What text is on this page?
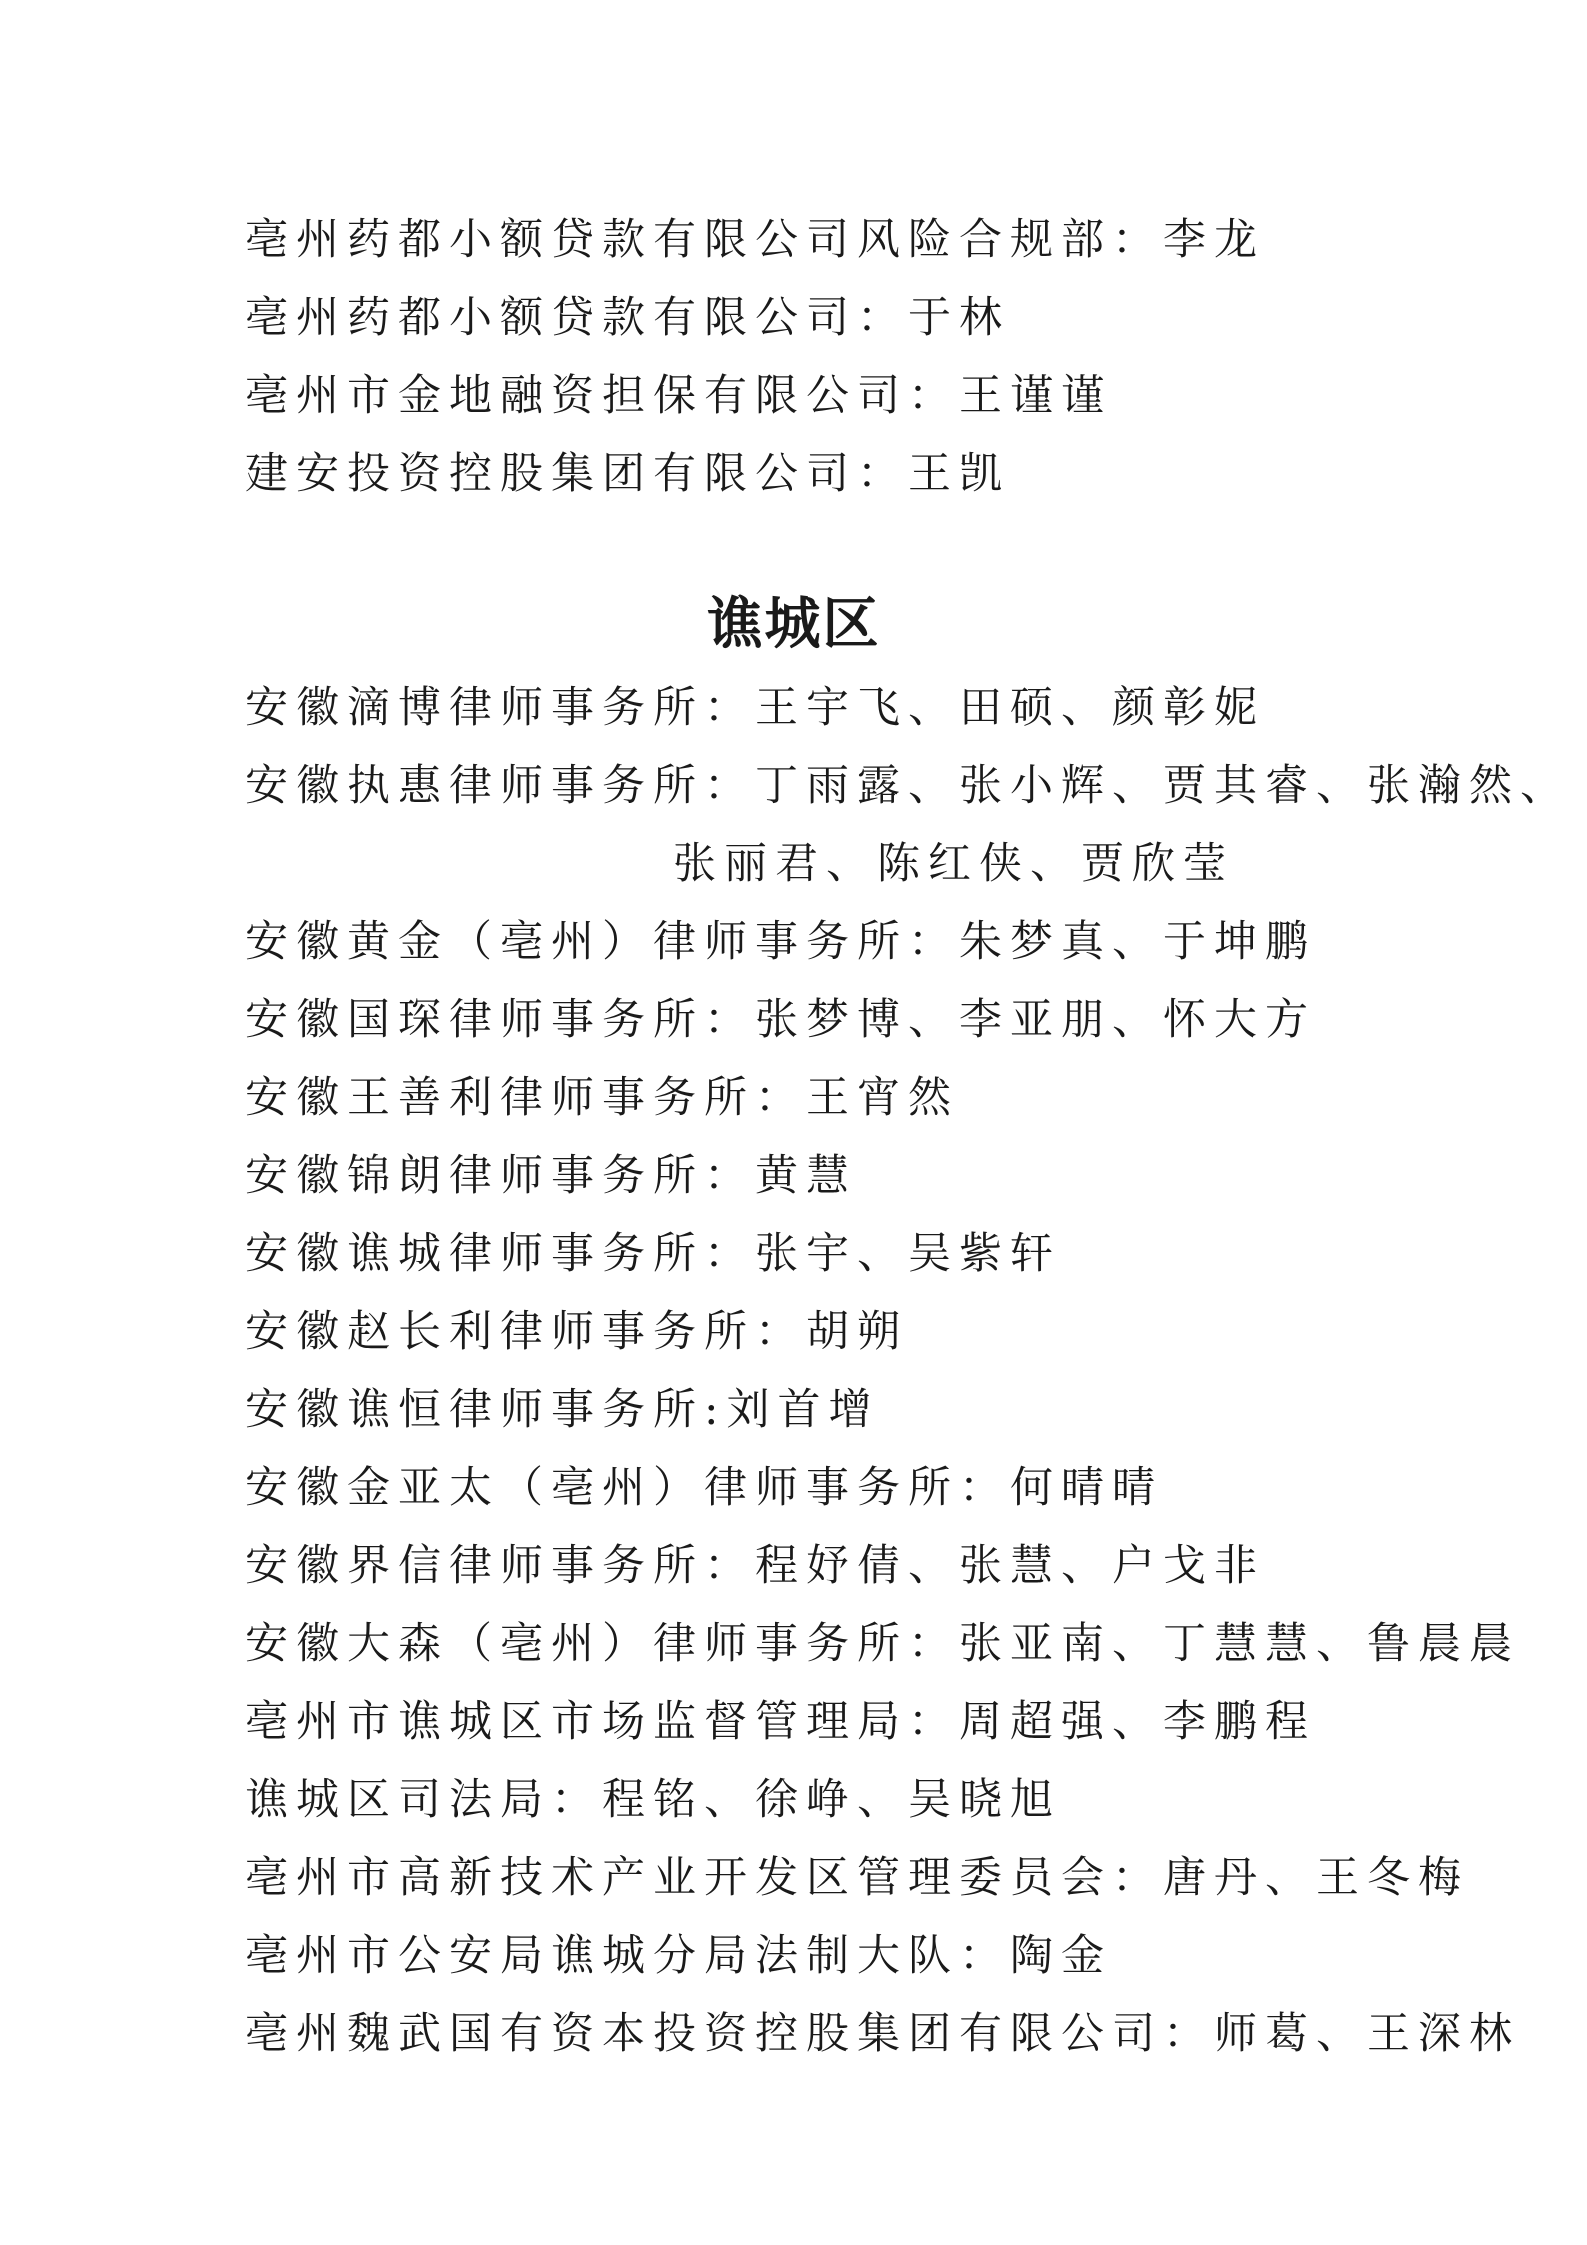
亳州药都小额贷款有限公司风险合规部：李龙
亳州药都小额贷款有限公司：于林
亳州市金地融资担保有限公司：王谨谨
建安投资控股集团有限公司：王凯
谯城区
安徽滴博律师事务所：王宇飞、田硕、颜彰妮
安徽执惠律师事务所：丁雨露、张小辉、贾其睿、张瀚然、
张丽君、陈红侠、贾欣莹
安徽黄金（亳州）律师事务所：朱梦真、于坤鹏
安徽国琛律师事务所：张梦博、李亚朋、怀大方
安徽王善利律师事务所：王宵然
安徽锦朗律师事务所：黄慧
安徽谯城律师事务所：张宇、吴紫轩
安徽赵长利律师事务所：胡朔
安徽谯恒律师事务所:刘首增
安徽金亚太（亳州）律师事务所：何晴晴
安徽界信律师事务所：程妤倩、张慧、户戈非
安徽大森（亳州）律师事务所：张亚南、丁慧慧、鲁晨晨
亳州市谯城区市场监督管理局：周超强、李鹏程
谯城区司法局：程铭、徐峥、吴晓旭
亳州市高新技术产业开发区管理委员会：唐丹、王冬梅
亳州市公安局谯城分局法制大队：陶金
亳州魏武国有资本投资控股集团有限公司：师葛、王深林
